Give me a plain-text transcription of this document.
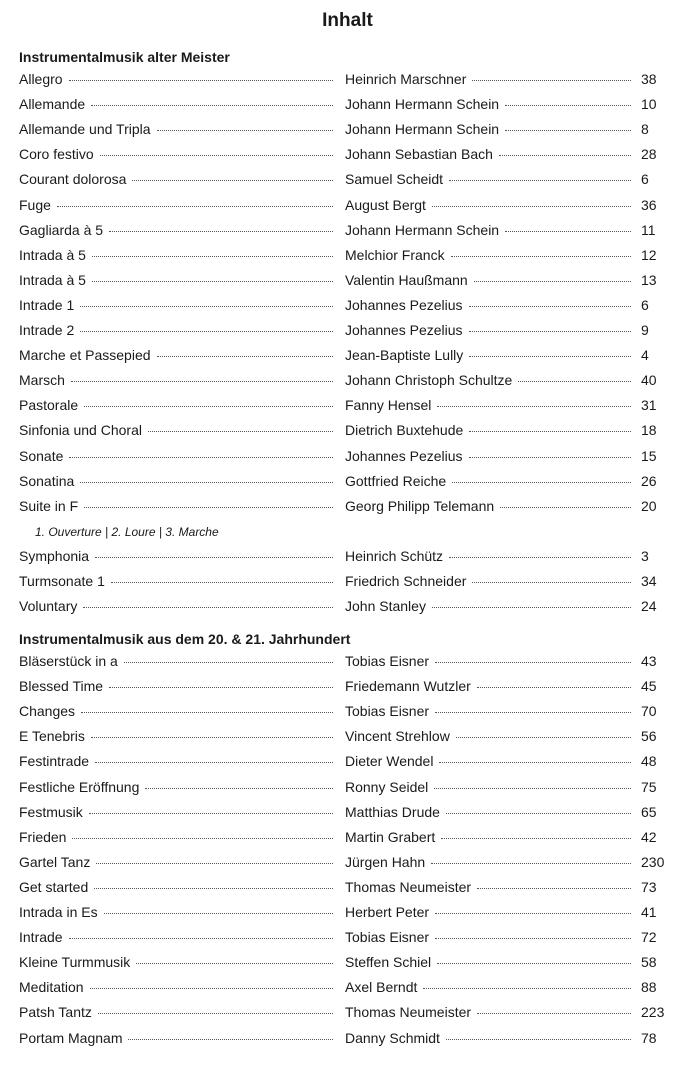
Inhalt
Instrumentalmusik alter Meister
Allegro	Heinrich Marschner	38
Allemande	Johann Hermann Schein	10
Allemande und Tripla	Johann Hermann Schein	8
Coro festivo	Johann Sebastian Bach	28
Courant dolorosa	Samuel Scheidt	6
Fuge	August Bergt	36
Gagliarda à 5	Johann Hermann Schein	11
Intrada à 5	Melchior Franck	12
Intrada à 5	Valentin Haußmann	13
Intrade 1	Johannes Pezelius	6
Intrade 2	Johannes Pezelius	9
Marche et Passepied	Jean-Baptiste Lully	4
Marsch	Johann Christoph Schultze	40
Pastorale	Fanny Hensel	31
Sinfonia und Choral	Dietrich Buxtehude	18
Sonate	Johannes Pezelius	15
Sonatina	Gottfried Reiche	26
Suite in F	Georg Philipp Telemann	20
1. Ouverture | 2. Loure | 3. Marche
Symphonia	Heinrich Schütz	3
Turmsonate 1	Friedrich Schneider	34
Voluntary	John Stanley	24
Instrumentalmusik aus dem 20. & 21. Jahrhundert
Bläserstück in a	Tobias Eisner	43
Blessed Time	Friedemann Wutzler	45
Changes	Tobias Eisner	70
E Tenebris	Vincent Strehlow	56
Festintrade	Dieter Wendel	48
Festliche Eröffnung	Ronny Seidel	75
Festmusik	Matthias Drude	65
Frieden	Martin Grabert	42
Gartel Tanz	Jürgen Hahn	230
Get started	Thomas Neumeister	73
Intrada in Es	Herbert Peter	41
Intrade	Tobias Eisner	72
Kleine Turmmusik	Steffen Schiel	58
Meditation	Axel Berndt	88
Patsh Tantz	Thomas Neumeister	223
Portam Magnam	Danny Schmidt	78
